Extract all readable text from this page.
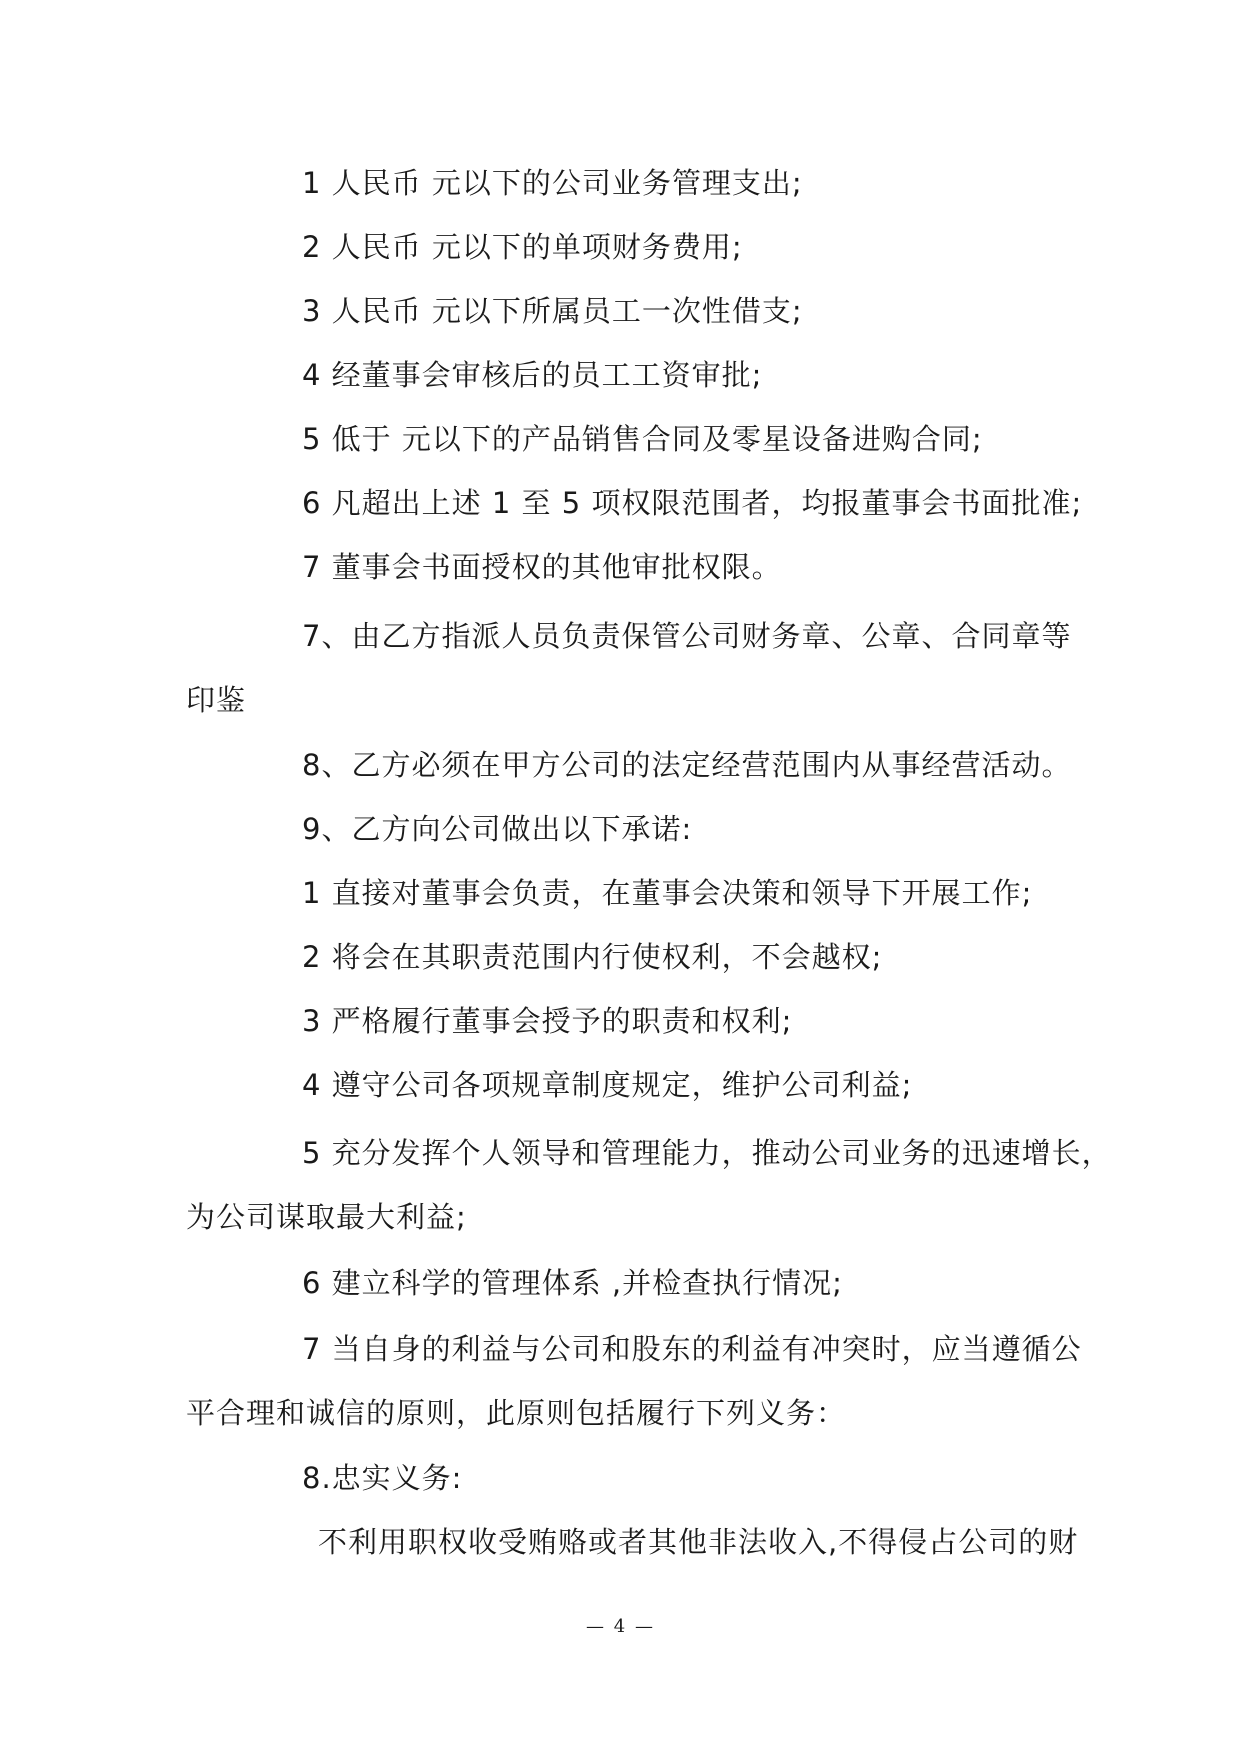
1 人民币 元以下的公司业务管理支出;
2 人民币 元以下的单项财务费用;
3 人民币 元以下所属员工一次性借支;
4 经董事会审核后的员工工资审批;
5 低于 元以下的产品销售合同及零星设备进购合同;
6 凡超出上述 1 至 5 项权限范围者，均报董事会书面批准;
7 董事会书面授权的其他审批权限。
7、由乙方指派人员负责保管公司财务章、公章、合同章等
印鉴
8、乙方必须在甲方公司的法定经营范围内从事经营活动。
9、乙方向公司做出以下承诺:
1 直接对董事会负责，在董事会决策和领导下开展工作;
2 将会在其职责范围内行使权利，不会越权;
3 严格履行董事会授予的职责和权利;
4 遵守公司各项规章制度规定，维护公司利益;
5 充分发挥个人领导和管理能力，推动公司业务的迅速增长，
为公司谋取最大利益;
6 建立科学的管理体系 ,并检查执行情况;
7 当自身的利益与公司和股东的利益有冲突时，应当遵循公
平合理和诚信的原则，此原则包括履行下列义务：
8.忠实义务:
不利用职权收受贿赂或者其他非法收入,不得侵占公司的财
— 4 —
